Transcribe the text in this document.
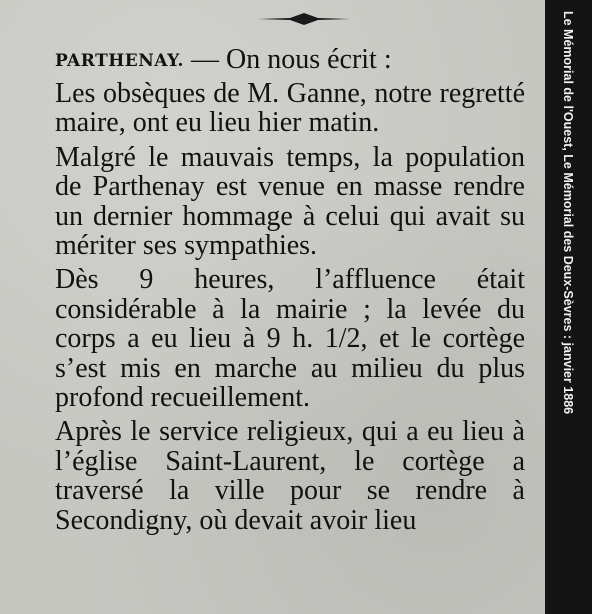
PARTHENAY. — On nous écrit :

Les obsèques de M. Ganne, notre regretté maire, ont eu lieu hier matin.

Malgré le mauvais temps, la population de Parthenay est venue en masse rendre un dernier hommage à celui qui avait su mériter ses sympathies.

Dès 9 heures, l’affluence était considérable à la mairie ; la levée du corps a eu lieu à 9 h. 1/2, et le cortège s’est mis en marche au milieu du plus profond recueillement.

Après le service religieux, qui a eu lieu à l’église Saint-Laurent, le cortège a traversé la ville pour se rendre à Secondigny, où devait avoir lieu

Le Mémorial de l'Ouest, Le Mémorial des Deux-Sèvres : janvier 1886
